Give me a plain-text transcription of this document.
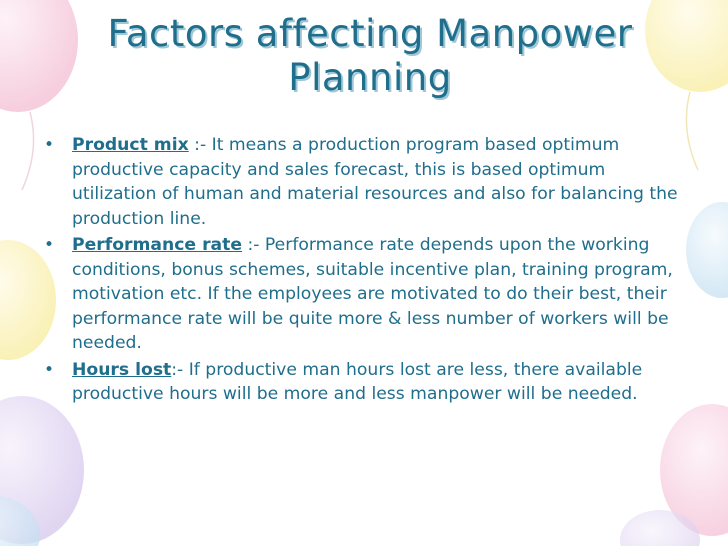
Factors affecting Manpower Planning
• Product mix :- It means a production program based optimum productive capacity and sales forecast, this is based optimum utilization of human and material resources and also for balancing the production line.
• Performance rate :- Performance rate depends upon the working conditions, bonus schemes, suitable incentive plan, training program, motivation etc. If the employees are motivated to do their best, their performance rate will be quite more & less number of workers will be needed.
• Hours lost:- If productive man hours lost are less, there available productive hours will be more and less manpower will be needed.
